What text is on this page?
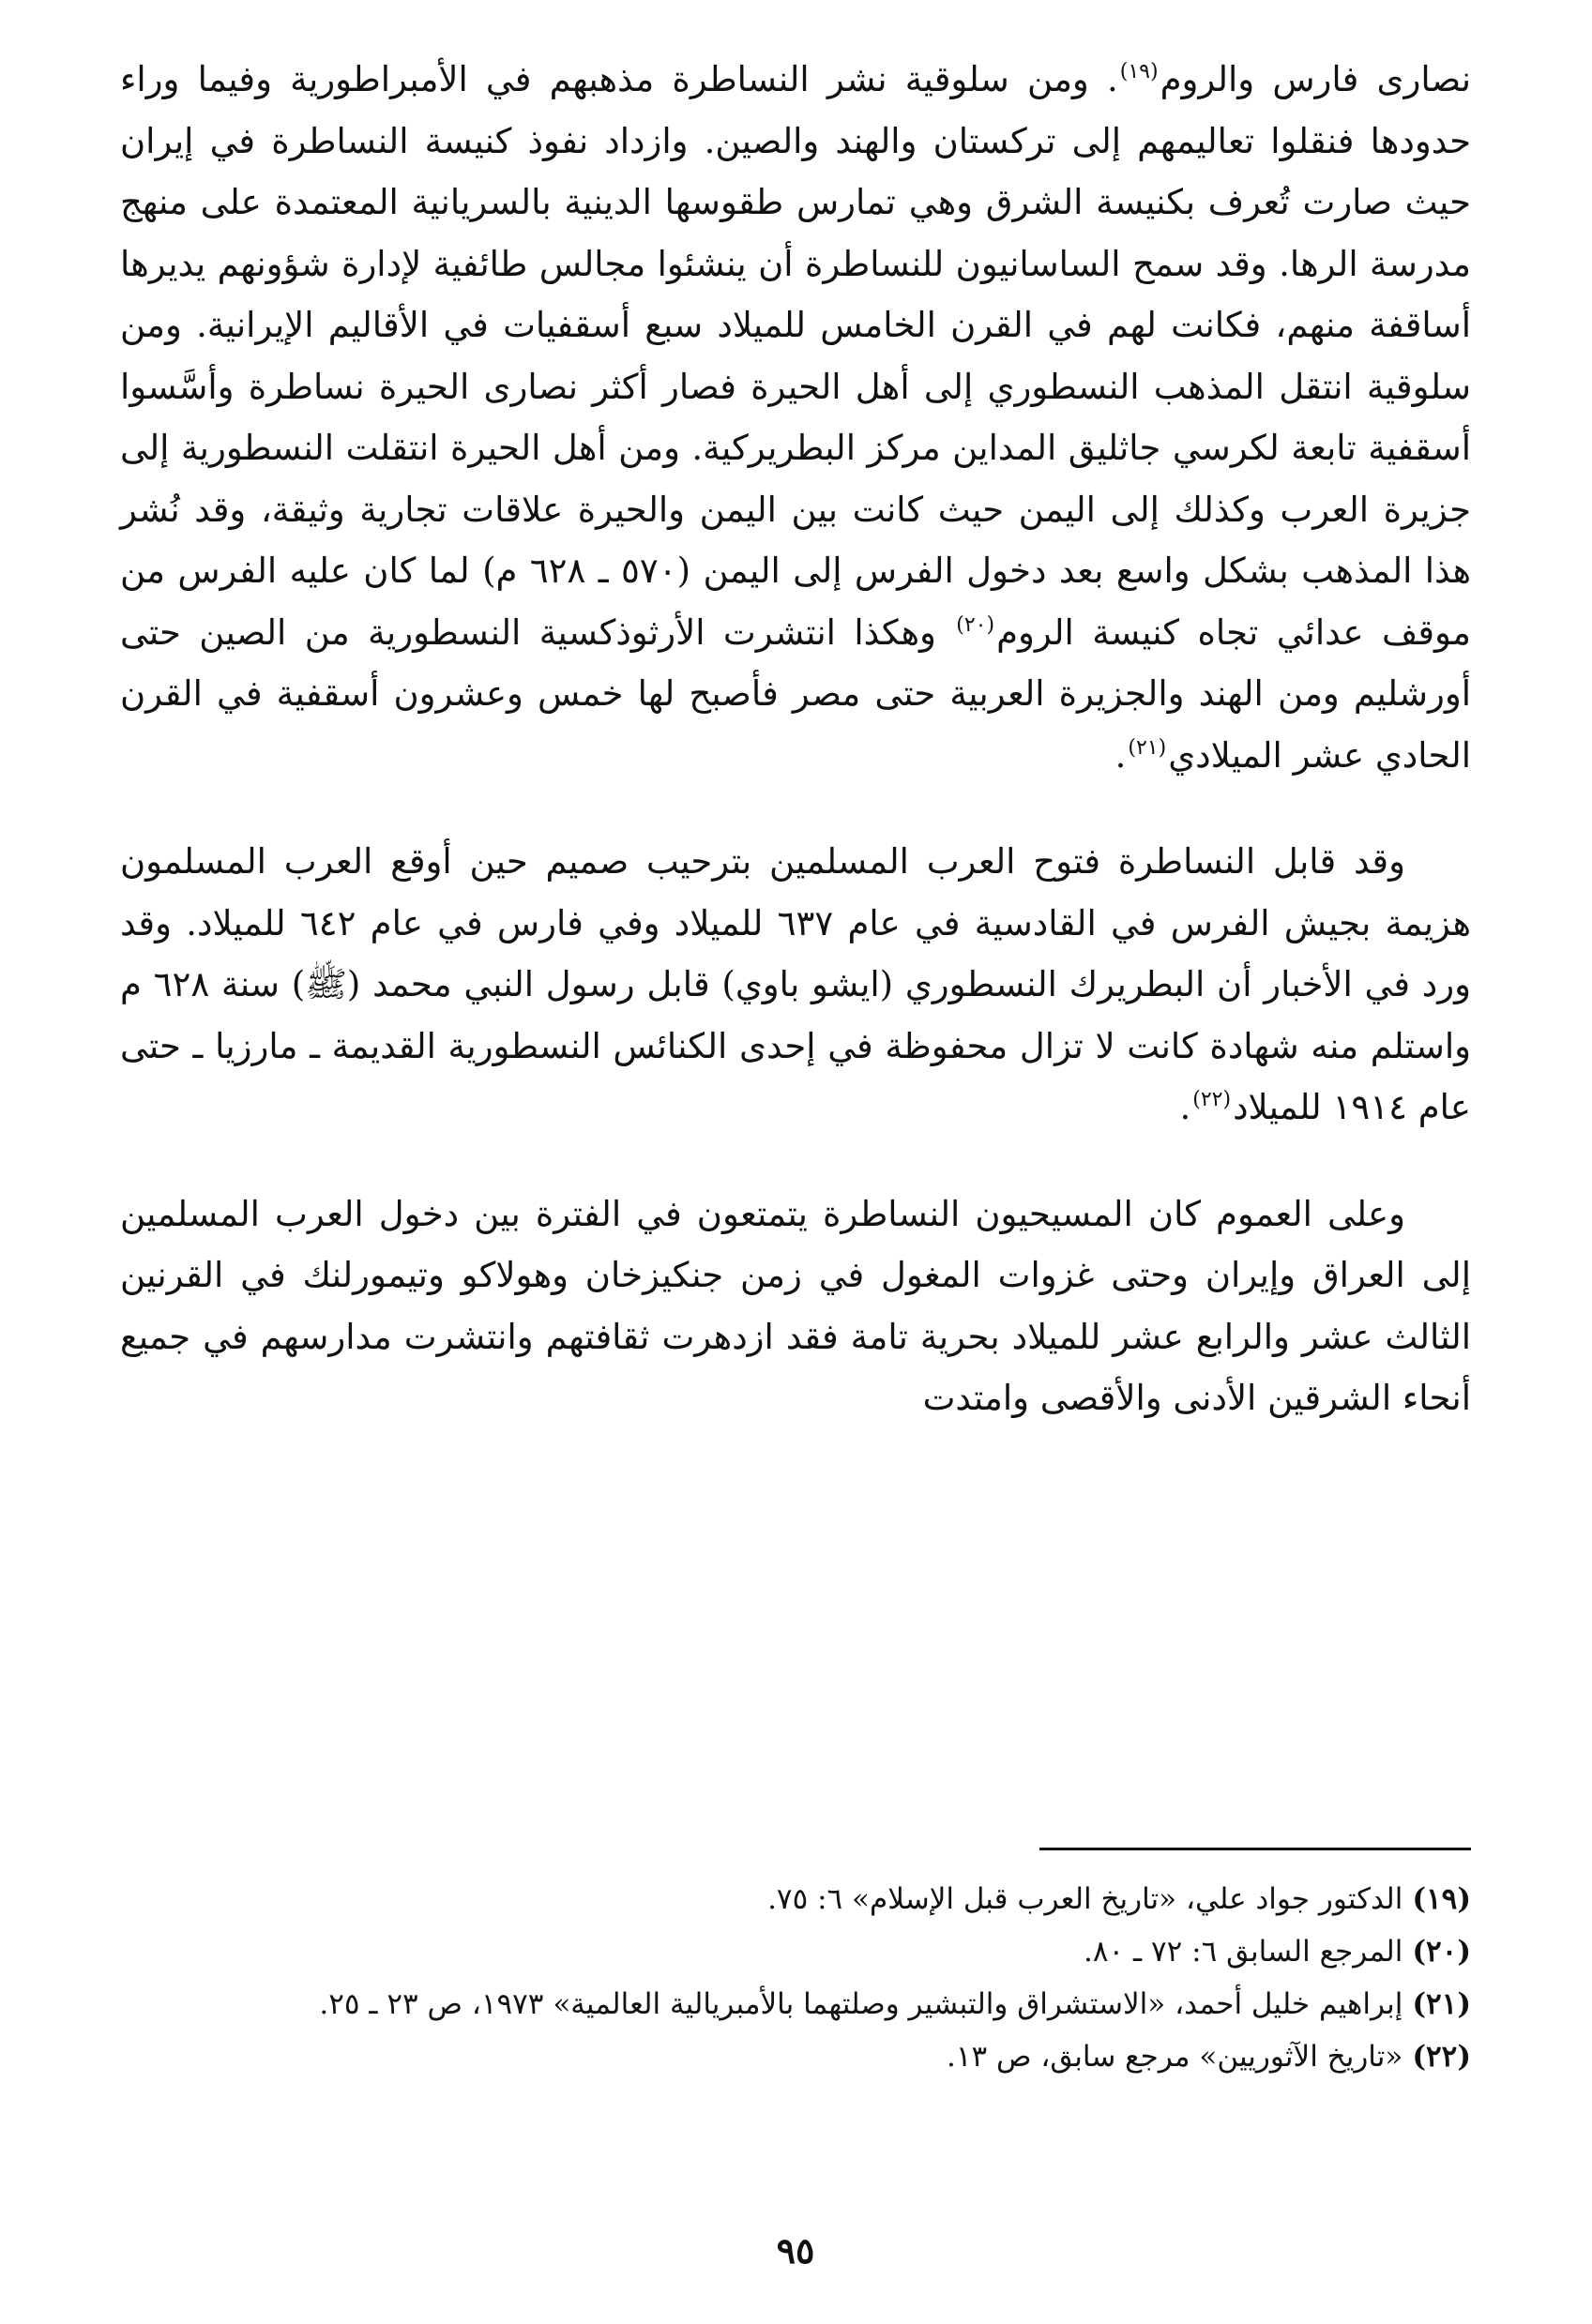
نصارى فارس والروم$^{(١٩)}$. ومن سلوقية نشر النساطرة مذهبهم في الأمبراطورية وفيما وراء حدودها فنقلوا تعاليمهم إلى تركستان والهند والصين. وازداد نفوذ كنيسة النساطرة في إيران حيث صارت تُعرف بكنيسة الشرق وهي تمارس طقوسها الدينية بالسريانية المعتمدة على منهج مدرسة الرها. وقد سمح الساسانيون للنساطرة أن ينشئوا مجالس طائفية لإدارة شؤونهم يديرها أساقفة منهم، فكانت لهم في القرن الخامس للميلاد سبع أسقفيات في الأقاليم الإيرانية. ومن سلوقية انتقل المذهب النسطوري إلى أهل الحيرة فصار أكثر نصارى الحيرة نساطرة وأسَّسوا أسقفية تابعة لكرسي جاثليق المداين مركز البطريركية. ومن أهل الحيرة انتقلت النسطورية إلى جزيرة العرب وكذلك إلى اليمن حيث كانت بين اليمن والحيرة علاقات تجارية وثيقة، وقد نُشر هذا المذهب بشكل واسع بعد دخول الفرس إلى اليمن (٥٧٠ ـ ٦٢٨ م) لما كان عليه الفرس من موقف عدائي تجاه كنيسة الروم$^{(٢٠)}$ وهكذا انتشرت الأرثوذكسية النسطورية من الصين حتى أورشليم ومن الهند والجزيرة العربية حتى مصر فأصبح لها خمس وعشرون أسقفية في القرن الحادي عشر الميلادي$^{(٢١)}$.

وقد قابل النساطرة فتوح العرب المسلمين بترحيب صميم حين أوقع العرب المسلمون هزيمة بجيش الفرس في القادسية في عام ٦٣٧ للميلاد وفي فارس في عام ٦٤٢ للميلاد. وقد ورد في الأخبار أن البطريرك النسطوري (ايشو باوي) قابل رسول النبي محمد (ﷺ) سنة ٦٢٨ م واستلم منه شهادة كانت لا تزال محفوظة في إحدى الكنائس النسطورية القديمة ـ مارزيا ـ حتى عام ١٩١٤ للميلاد$^{(٢٢)}$.

وعلى العموم كان المسيحيون النساطرة يتمتعون في الفترة بين دخول العرب المسلمين إلى العراق وإيران وحتى غزوات المغول في زمن جنكيزخان وهولاكو وتيمورلنك في القرنين الثالث عشر والرابع عشر للميلاد بحرية تامة فقد ازدهرت ثقافتهم وانتشرت مدارسهم في جميع أنحاء الشرقين الأدنى والأقصى وامتدت

(١٩)الدكتور جواد علي، «تاريخ العرب قبل الإسلام» ٦: ٧٥.

(٢٠)المرجع السابق ٦: ٧٢ ـ ٨٠.

(٢١)إبراهيم خليل أحمد، «الاستشراق والتبشير وصلتهما بالأمبريالية العالمية» ١٩٧٣، ص ٢٣ ـ ٢٥.

(٢٢)«تاريخ الآثوريين» مرجع سابق، ص ١٣.

٩٥
